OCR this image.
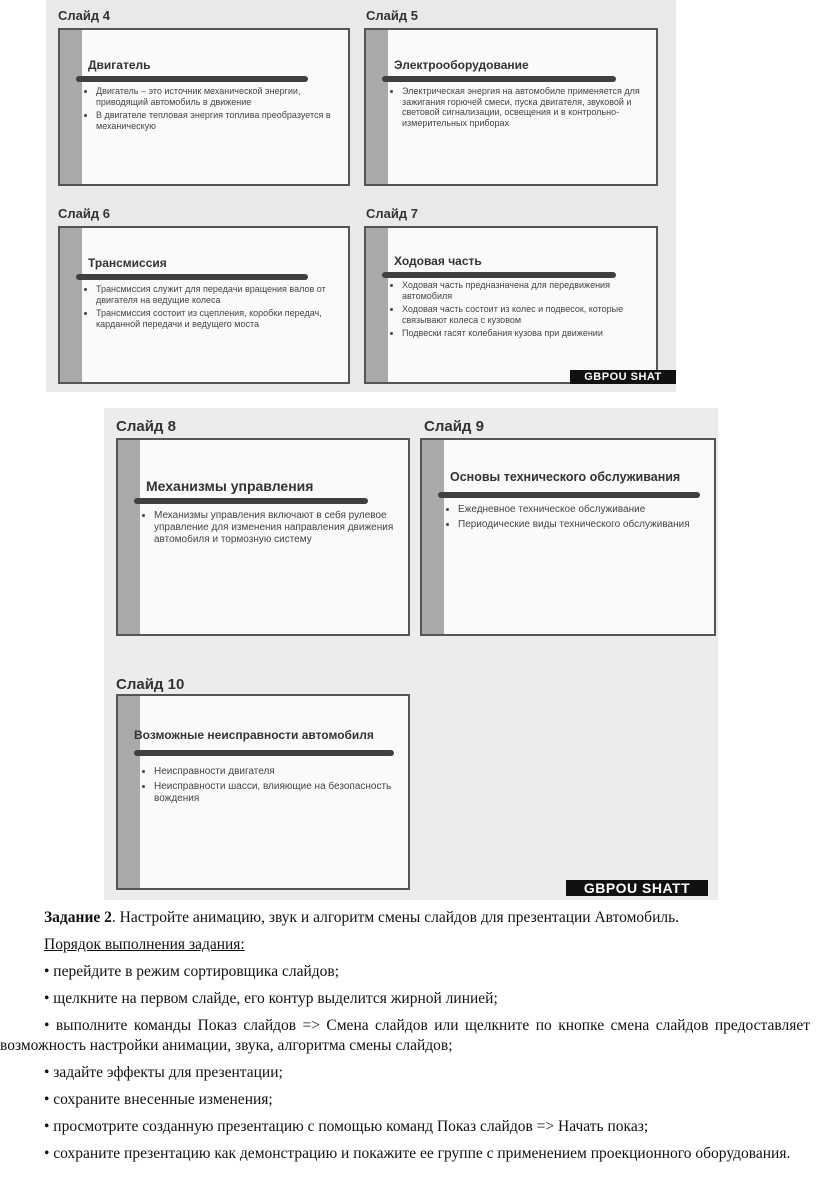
Слайд 4
Двигатель
• Двигатель – это источник механической энергии, приводящий автомобиль в движение
• В двигателе тепловая энергия топлива преобразуется в механическую
Слайд 5
Электрооборудование
• Электрическая энергия на автомобиле применяется для зажигания горючей смеси, пуска двигателя, звуковой и световой сигнализации, освещения и в контрольно-измерительных приборах
Слайд 6
Трансмиссия
• Трансмиссия служит для передачи вращения валов от двигателя на ведущие колеса
• Трансмиссия состоит из сцепления, коробки передач, карданной передачи и ведущего моста
Слайд 7
Ходовая часть
• Ходовая часть предназначена для передвижения автомобиля
• Ходовая часть состоит из колес и подвесок, которые связывают колеса с кузовом
• Подвески гасят колебания кузова при движении
GBPOU SHAT
Слайд 8
Механизмы управления
• Механизмы управления включают в себя рулевое управление для изменения направления движения автомобиля и тормозную систему
Слайд 9
Основы технического обслуживания
• Ежедневное техническое обслуживание
• Периодические виды технического обслуживания
Слайд 10
Возможные неисправности автомобиля
• Неисправности двигателя
• Неисправности шасси, влияющие на безопасность вождения
GBPOU SHATT

Задание 2. Настройте анимацию, звук и алгоритм смены слайдов для презентации Автомобиль.

Порядок выполнения задания:

• перейдите в режим сортировщика слайдов;

• щелкните на первом слайде, его контур выделится жирной линией;

• выполните команды Показ слайдов => Смена слайдов или щелкните по кнопке смена слайдов предоставляет возможность настройки анимации, звука, алгоритма смены слайдов;

• задайте эффекты для презентации;

• сохраните внесенные изменения;

• просмотрите созданную презентацию с помощью команд Показ слайдов => Начать показ;

• сохраните презентацию как демонстрацию и покажите ее группе с применением проекционного оборудования.
